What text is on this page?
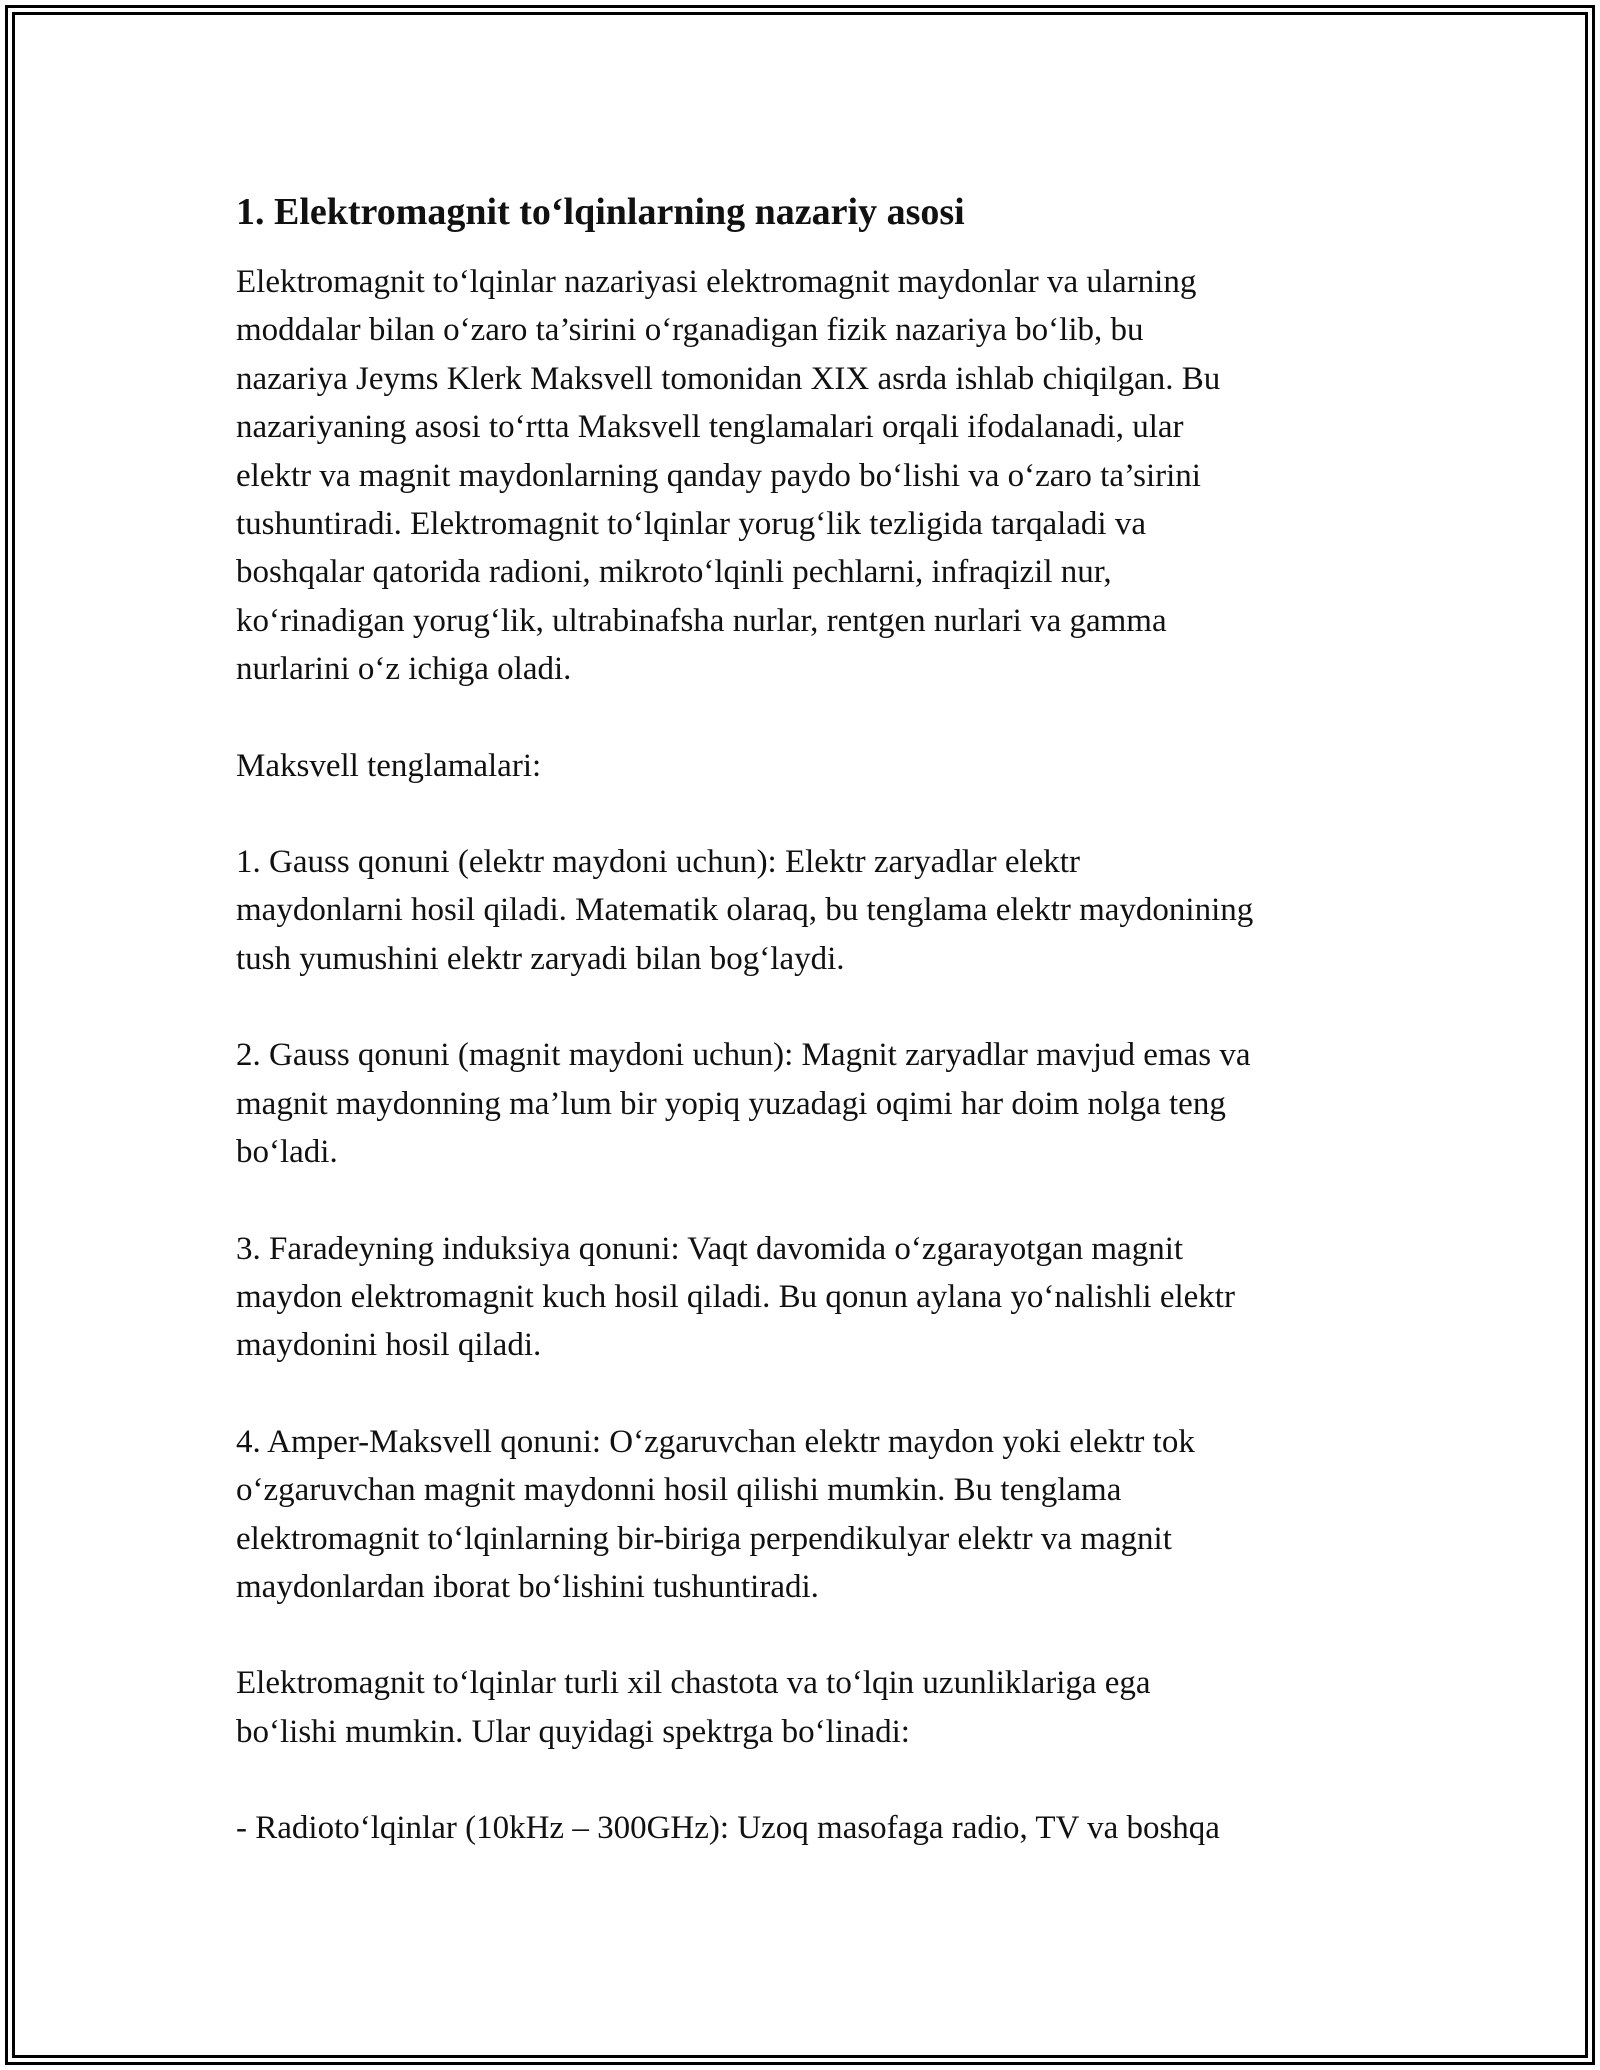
1. Elektromagnit to‘lqinlarning nazariy asosi
Elektromagnit to‘lqinlar nazariyasi elektromagnit maydonlar va ularning
moddalar bilan o‘zaro ta’sirini o‘rganadigan fizik nazariya bo‘lib, bu
nazariya Jeyms Klerk Maksvell tomonidan XIX asrda ishlab chiqilgan. Bu
nazariyaning asosi to‘rtta Maksvell tenglamalari orqali ifodalanadi, ular
elektr va magnit maydonlarning qanday paydo bo‘lishi va o‘zaro ta’sirini
tushuntiradi. Elektromagnit to‘lqinlar yorug‘lik tezligida tarqaladi va
boshqalar qatorida radioni, mikroto‘lqinli pechlarni, infraqizil nur,
ko‘rinadigan yorug‘lik, ultrabinafsha nurlar, rentgen nurlari va gamma
nurlarini o‘z ichiga oladi.
Maksvell tenglamalari:
1. Gauss qonuni (elektr maydoni uchun): Elektr zaryadlar elektr
maydonlarni hosil qiladi. Matematik olaraq, bu tenglama elektr maydonining
tush yumushini elektr zaryadi bilan bog‘laydi.
2. Gauss qonuni (magnit maydoni uchun): Magnit zaryadlar mavjud emas va
magnit maydonning ma’lum bir yopiq yuzadagi oqimi har doim nolga teng
bo‘ladi.
3. Faradeyning induksiya qonuni: Vaqt davomida o‘zgarayotgan magnit
maydon elektromagnit kuch hosil qiladi. Bu qonun aylana yo‘nalishli elektr
maydonini hosil qiladi.
4. Amper-Maksvell qonuni: O‘zgaruvchan elektr maydon yoki elektr tok
o‘zgaruvchan magnit maydonni hosil qilishi mumkin. Bu tenglama
elektromagnit to‘lqinlarning bir-biriga perpendikulyar elektr va magnit
maydonlardan iborat bo‘lishini tushuntiradi.
Elektromagnit to‘lqinlar turli xil chastota va to‘lqin uzunliklariga ega
bo‘lishi mumkin. Ular quyidagi spektrga bo‘linadi:
- Radioto‘lqinlar (10kHz – 300GHz): Uzoq masofaga radio, TV va boshqa
